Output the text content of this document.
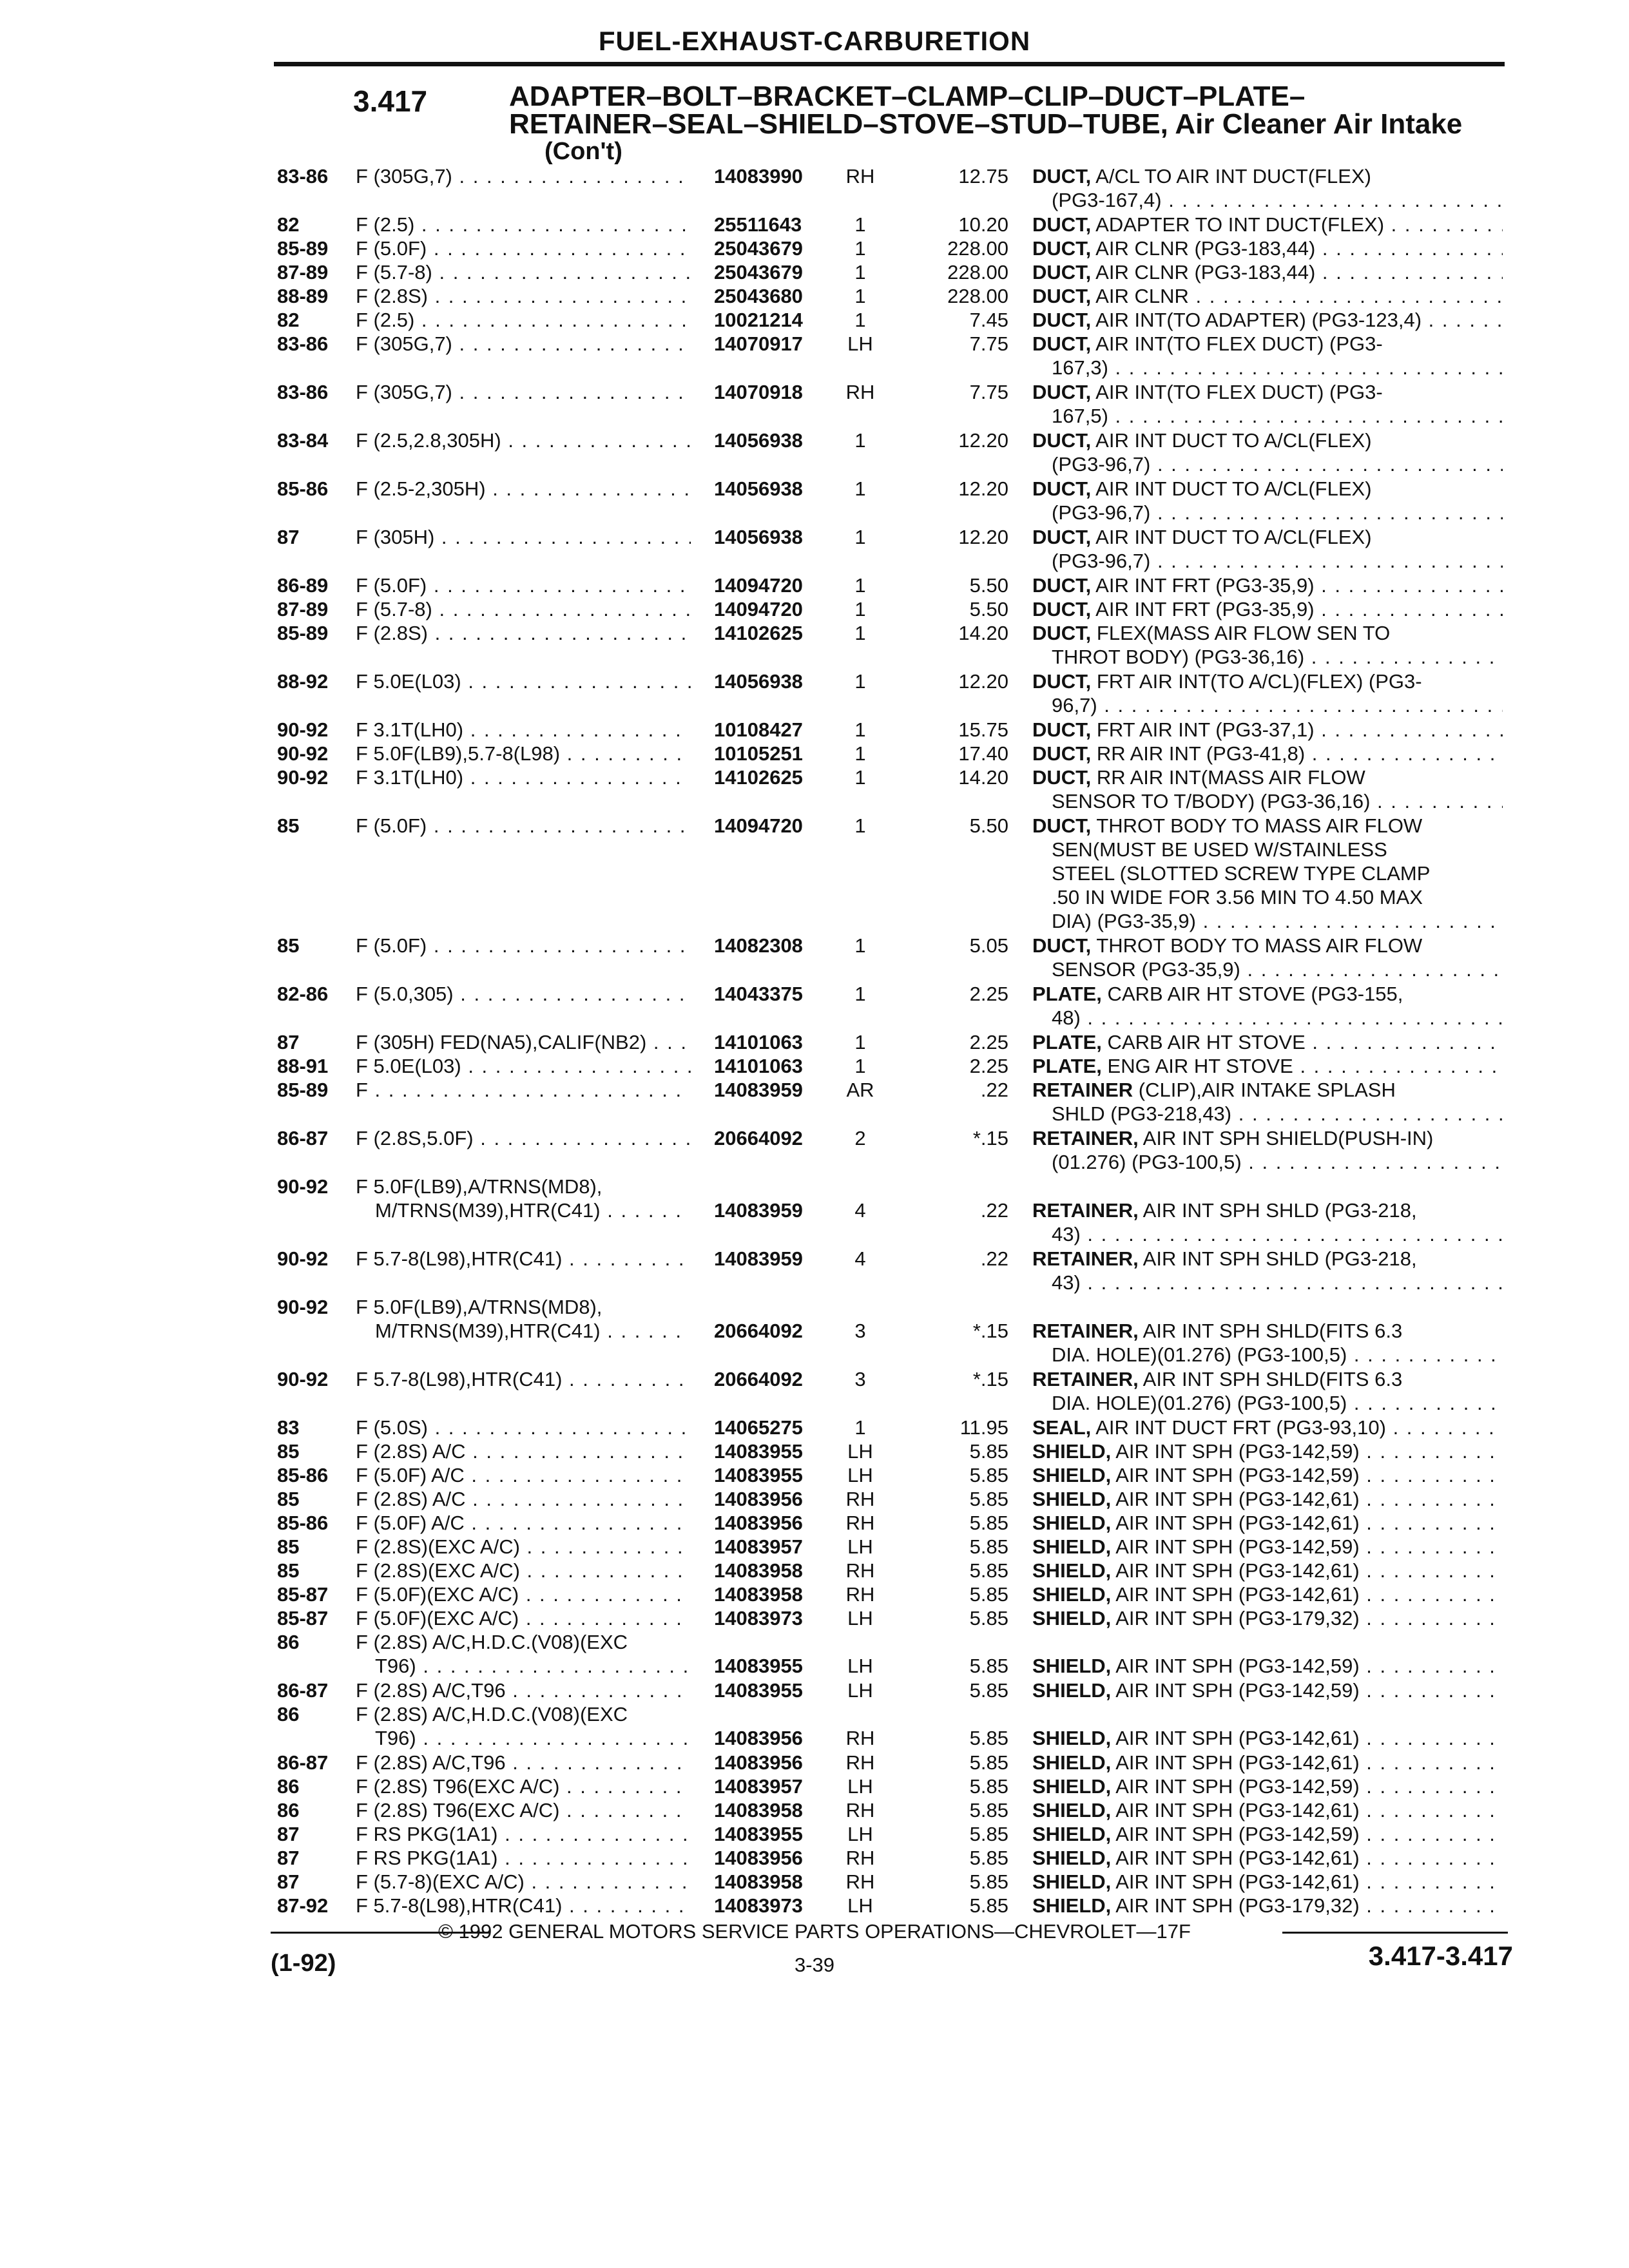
FUEL-EXHAUST-CARBURETION
3.417	ADAPTER–BOLT–BRACKET–CLAMP–CLIP–DUCT–PLATE–
RETAINER–SEAL–SHIELD–STOVE–STUD–TUBE, Air Cleaner Air Intake
(Con't)
83-86 F (305G,7) . . .	14083990	RH	12.75 DUCT, A/CL TO AIR INT DUCT(FLEX)
(PG3-167,4) . . .
82	F (2.5) . . .	25511643	1	10.20 DUCT, ADAPTER TO INT DUCT(FLEX) . . .
85-89 F (5.0F) . . .	25043679	1	228.00 DUCT, AIR CLNR (PG3-183,44) . . .
87-89 F (5.7-8) . . .	25043679	1	228.00 DUCT, AIR CLNR (PG3-183,44) . . .
88-89 F (2.8S) . . .	25043680	1	228.00 DUCT, AIR CLNR . . .
82	F (2.5) . . .	10021214	1	7.45 DUCT, AIR INT(TO ADAPTER) (PG3-123,4) . . .
83-86 F (305G,7) . . .	14070917	LH	7.75 DUCT, AIR INT(TO FLEX DUCT) (PG3-
167,3) . . .
83-86 F (305G,7) . . .	14070918	RH	7.75 DUCT, AIR INT(TO FLEX DUCT) (PG3-
167,5) . . .
83-84 F (2.5,2.8,305H) . . .	14056938	1	12.20 DUCT, AIR INT DUCT TO A/CL(FLEX)
(PG3-96,7) . . .
85-86 F (2.5-2,305H) . . .	14056938	1	12.20 DUCT, AIR INT DUCT TO A/CL(FLEX)
(PG3-96,7) . . .
87	F (305H) . . .	14056938	1	12.20 DUCT, AIR INT DUCT TO A/CL(FLEX)
(PG3-96,7) . . .
86-89 F (5.0F) . . .	14094720	1	5.50 DUCT, AIR INT FRT (PG3-35,9) . . .
87-89 F (5.7-8) . . .	14094720	1	5.50 DUCT, AIR INT FRT (PG3-35,9) . . .
85-89 F (2.8S) . . .	14102625	1	14.20 DUCT, FLEX(MASS AIR FLOW SEN TO
THROT BODY) (PG3-36,16) . . .
88-92 F 5.0E(L03) . . .	14056938	1	12.20 DUCT, FRT AIR INT(TO A/CL)(FLEX) (PG3-
96,7) . . .
90-92 F 3.1T(LH0) . . .	10108427	1	15.75 DUCT, FRT AIR INT (PG3-37,1) . . .
90-92 F 5.0F(LB9),5.7-8(L98) . . .	10105251	1	17.40 DUCT, RR AIR INT (PG3-41,8) . . .
90-92 F 3.1T(LH0) . . .	14102625	1	14.20 DUCT, RR AIR INT(MASS AIR FLOW
SENSOR TO T/BODY) (PG3-36,16) . . .
85	F (5.0F) . . .	14094720	1	5.50 DUCT, THROT BODY TO MASS AIR FLOW
SEN(MUST BE USED W/STAINLESS
STEEL (SLOTTED SCREW TYPE CLAMP
.50 IN WIDE FOR 3.56 MIN TO 4.50 MAX
DIA) (PG3-35,9) . . .
85	F (5.0F) . . .	14082308	1	5.05 DUCT, THROT BODY TO MASS AIR FLOW
SENSOR (PG3-35,9) . . .
82-86 F (5.0,305) . . .	14043375	1	2.25 PLATE, CARB AIR HT STOVE (PG3-155,
48) . . .
87	F (305H) FED(NA5),CALIF(NB2) . . .	14101063	1	2.25 PLATE, CARB AIR HT STOVE . . .
88-91 F 5.0E(L03) . . .	14101063	1	2.25 PLATE, ENG AIR HT STOVE . . .
85-89 F . . .	14083959	AR	.22 RETAINER (CLIP),AIR INTAKE SPLASH
SHLD (PG3-218,43) . . .
86-87 F (2.8S,5.0F) . . .	20664092	2	*.15 RETAINER, AIR INT SPH SHIELD(PUSH-IN)
(01.276) (PG3-100,5) . . .
90-92 F 5.0F(LB9),A/TRNS(MD8),
M/TRNS(M39),HTR(C41) . . .	14083959	4	.22 RETAINER, AIR INT SPH SHLD (PG3-218,
43) . . .
90-92 F 5.7-8(L98),HTR(C41) . . .	14083959	4	.22 RETAINER, AIR INT SPH SHLD (PG3-218,
43) . . .
90-92 F 5.0F(LB9),A/TRNS(MD8),
M/TRNS(M39),HTR(C41) . . .	20664092	3	*.15 RETAINER, AIR INT SPH SHLD(FITS 6.3
DIA. HOLE)(01.276) (PG3-100,5) . . .
90-92 F 5.7-8(L98),HTR(C41) . . .	20664092	3	*.15 RETAINER, AIR INT SPH SHLD(FITS 6.3
DIA. HOLE)(01.276) (PG3-100,5) . . .
83	F (5.0S) . . .	14065275	1	11.95 SEAL, AIR INT DUCT FRT (PG3-93,10) . . .
85	F (2.8S) A/C . . .	14083955	LH	5.85 SHIELD, AIR INT SPH (PG3-142,59) . . .
85-86 F (5.0F) A/C . . .	14083955	LH	5.85 SHIELD, AIR INT SPH (PG3-142,59) . . .
85	F (2.8S) A/C . . .	14083956	RH	5.85 SHIELD, AIR INT SPH (PG3-142,61) . . .
85-86 F (5.0F) A/C . . .	14083956	RH	5.85 SHIELD, AIR INT SPH (PG3-142,61) . . .
85	F (2.8S)(EXC A/C) . . .	14083957	LH	5.85 SHIELD, AIR INT SPH (PG3-142,59) . . .
85	F (2.8S)(EXC A/C) . . .	14083958	RH	5.85 SHIELD, AIR INT SPH (PG3-142,61) . . .
85-87 F (5.0F)(EXC A/C) . . .	14083958	RH	5.85 SHIELD, AIR INT SPH (PG3-142,61) . . .
85-87 F (5.0F)(EXC A/C) . . .	14083973	LH	5.85 SHIELD, AIR INT SPH (PG3-179,32) . . .
86	F (2.8S) A/C,H.D.C.(V08)(EXC
T96) . . .	14083955	LH	5.85 SHIELD, AIR INT SPH (PG3-142,59) . . .
86-87 F (2.8S) A/C,T96 . . .	14083955	LH	5.85 SHIELD, AIR INT SPH (PG3-142,59) . . .
86	F (2.8S) A/C,H.D.C.(V08)(EXC
T96) . . .	14083956	RH	5.85 SHIELD, AIR INT SPH (PG3-142,61) . . .
86-87 F (2.8S) A/C,T96 . . .	14083956	RH	5.85 SHIELD, AIR INT SPH (PG3-142,61) . . .
86	F (2.8S) T96(EXC A/C) . . .	14083957	LH	5.85 SHIELD, AIR INT SPH (PG3-142,59) . . .
86	F (2.8S) T96(EXC A/C) . . .	14083958	RH	5.85 SHIELD, AIR INT SPH (PG3-142,61) . . .
87	F RS PKG(1A1) . . .	14083955	LH	5.85 SHIELD, AIR INT SPH (PG3-142,59) . . .
87	F RS PKG(1A1) . . .	14083956	RH	5.85 SHIELD, AIR INT SPH (PG3-142,61) . . .
87	F (5.7-8)(EXC A/C) . . .	14083958	RH	5.85 SHIELD, AIR INT SPH (PG3-142,61) . . .
87-92 F 5.7-8(L98),HTR(C41) . . .	14083973	LH	5.85 SHIELD, AIR INT SPH (PG3-179,32) . . .
© 1992 GENERAL MOTORS SERVICE PARTS OPERATIONS—CHEVROLET—17F
(1-92)	3-39	3.417-3.417
